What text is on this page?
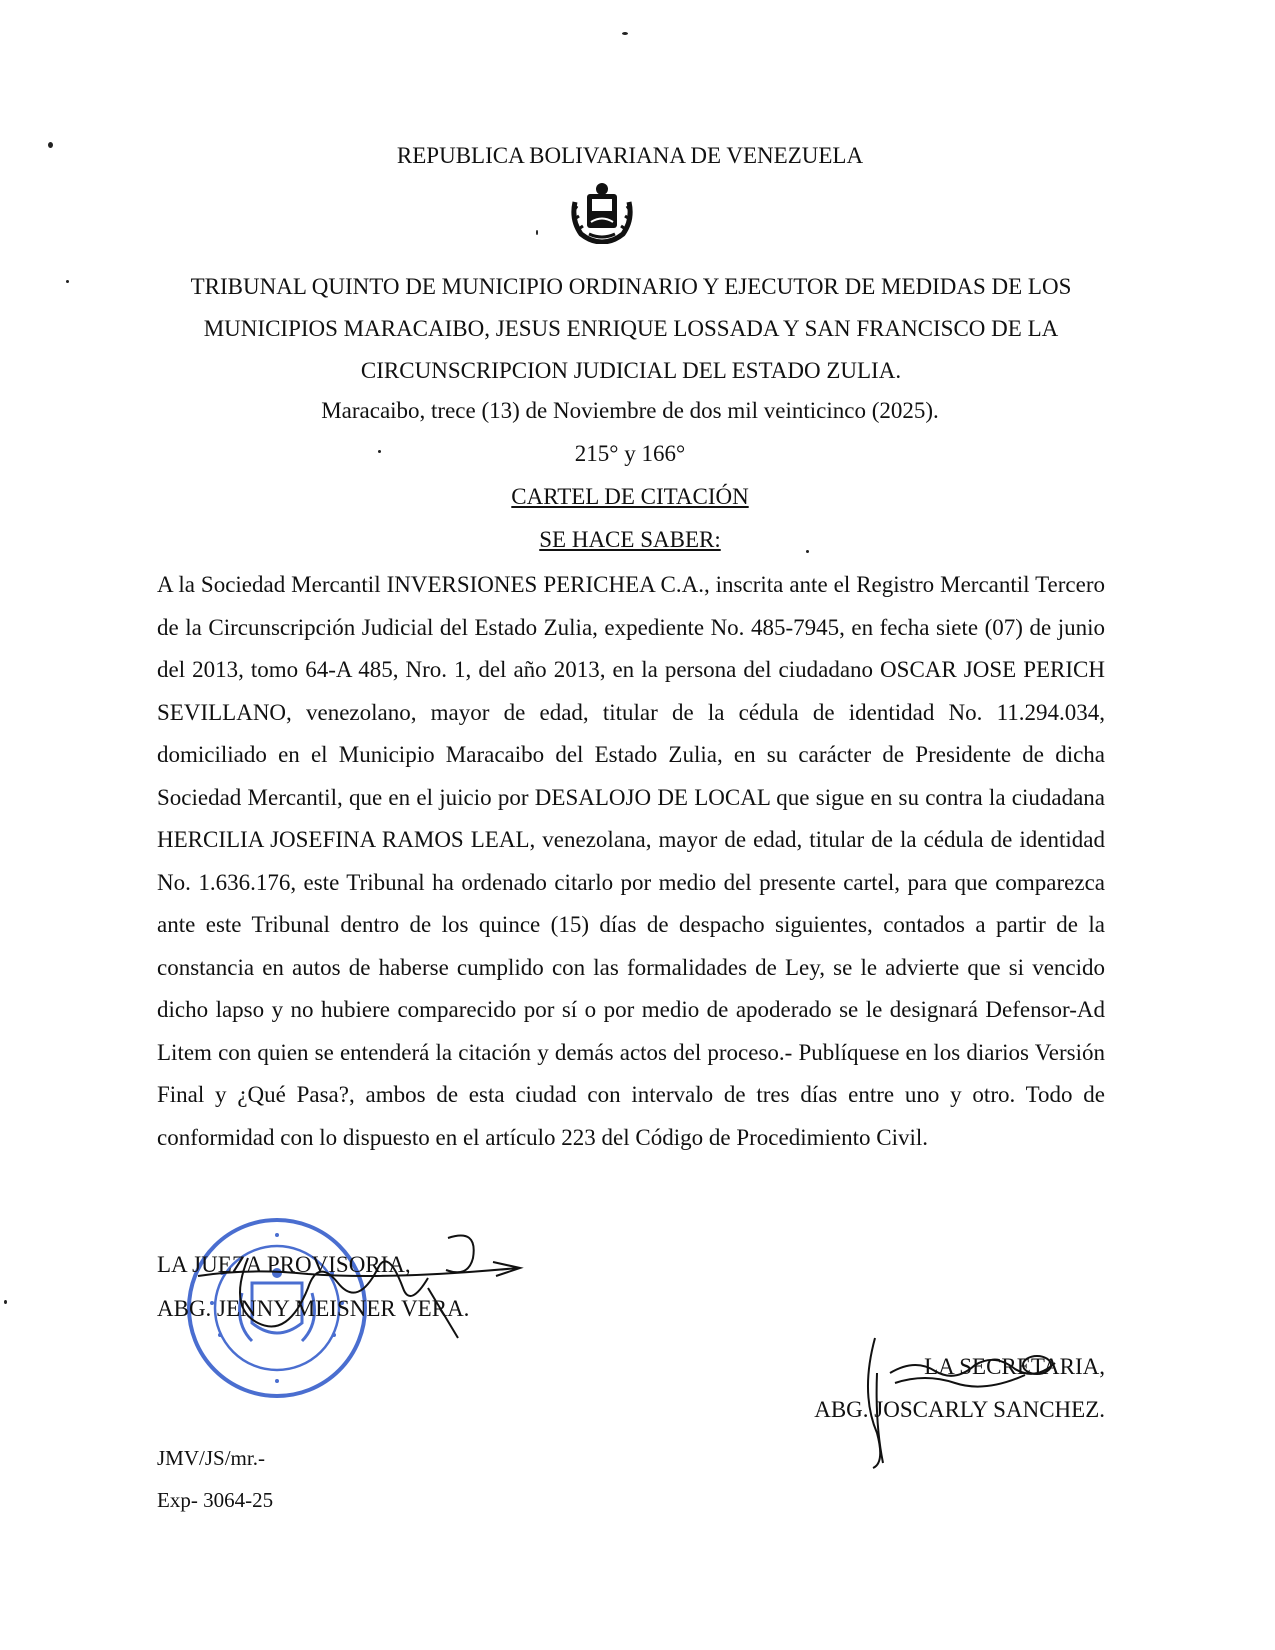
REPUBLICA BOLIVARIANA DE VENEZUELA
TRIBUNAL QUINTO DE MUNICIPIO ORDINARIO Y EJECUTOR DE MEDIDAS DE LOS
MUNICIPIOS MARACAIBO, JESUS ENRIQUE LOSSADA Y SAN FRANCISCO DE LA
CIRCUNSCRIPCION JUDICIAL DEL ESTADO ZULIA.
Maracaibo, trece (13) de Noviembre de dos mil veinticinco (2025).
215° y 166°
CARTEL DE CITACIÓN
SE HACE SABER:
A la Sociedad Mercantil INVERSIONES PERICHEA C.A., inscrita ante el Registro Mercantil Tercero de la Circunscripción Judicial del Estado Zulia, expediente No. 485-7945, en fecha siete (07) de junio del 2013, tomo 64-A 485, Nro. 1, del año 2013, en la persona del ciudadano OSCAR JOSE PERICH SEVILLANO, venezolano, mayor de edad, titular de la cédula de identidad No. 11.294.034, domiciliado en el Municipio Maracaibo del Estado Zulia, en su carácter de Presidente de dicha Sociedad Mercantil, que en el juicio por DESALOJO DE LOCAL que sigue en su contra la ciudadana HERCILIA JOSEFINA RAMOS LEAL, venezolana, mayor de edad, titular de la cédula de identidad No. 1.636.176, este Tribunal ha ordenado citarlo por medio del presente cartel, para que comparezca ante este Tribunal dentro de los quince (15) días de despacho siguientes, contados a partir de la constancia en autos de haberse cumplido con las formalidades de Ley, se le advierte que si vencido dicho lapso y no hubiere comparecido por sí o por medio de apoderado se le designará Defensor-Ad Litem con quien se entenderá la citación y demás actos del proceso.- Publíquese en los diarios Versión Final y ¿Qué Pasa?, ambos de esta ciudad con intervalo de tres días entre uno y otro. Todo de conformidad con lo dispuesto en el artículo 223 del Código de Procedimiento Civil.
LA JUEZA PROVISORIA,
ABG. JENNY MEISNER VERA.
LA SECRETARIA,
ABG. JOSCARLY SANCHEZ.
JMV/JS/mr.-
Exp- 3064-25
